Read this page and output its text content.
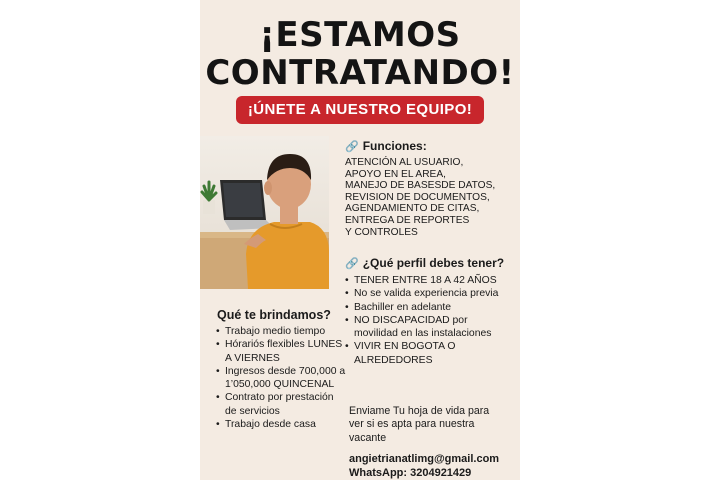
¡ESTAMOS
CONTRATANDO!
¡ÚNETE A NUESTRO EQUIPO!
🔗 Funciones:
ATENCIÓN AL USUARIO,
APOYO EN EL AREA,
MANEJO DE BASESDE DATOS,
REVISION DE DOCUMENTOS,
AGENDAMIENTO DE CITAS,
ENTREGA DE REPORTES
Y CONTROLES
🔗 ¿Qué perfil debes tener?
• TENER ENTRE 18 A 42 AÑOS
• No se valida experiencia previa
• Bachiller en adelante
• NO DISCAPACIDAD por movilidad en las instalaciones
• VIVIR EN BOGOTA O ALREDEDORES
Qué te brindamos?
• Trabajo medio tiempo
• Hórariós flexibles LUNES A VIERNES
• Ingresos desde 700,000 a 1’050,000 QUINCENAL
• Contrato por prestación de servicios
• Trabajo desde casa
Enviame Tu hoja de vida para ver si es apta para nuestra vacante
angietrianatlimg@gmail.com
WhatsApp: 3204921429
